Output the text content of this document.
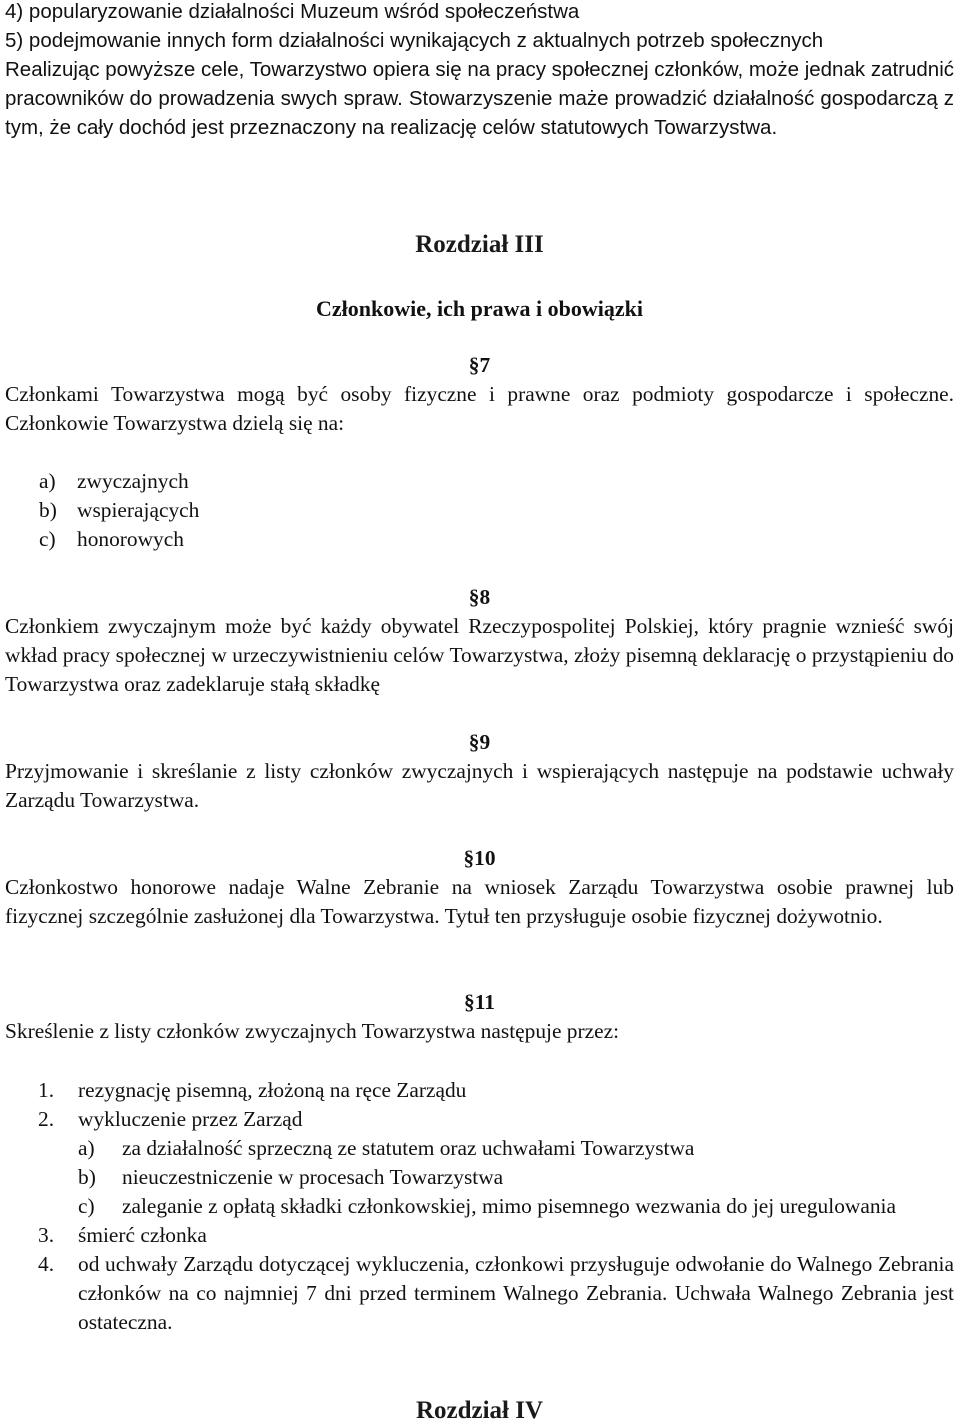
4) popularyzowanie działalności Muzeum wśród społeczeństwa

5) podejmowanie innych form działalności wynikających z aktualnych potrzeb społecznych

Realizując powyższe cele, Towarzystwo opiera się na pracy społecznej członków, może jednak zatrudnić pracowników do prowadzenia swych spraw. Stowarzyszenie maże prowadzić działalność gospodarczą z tym, że cały dochód jest przeznaczony na realizację celów statutowych Towarzystwa.

Rozdział III

Członkowie, ich prawa i obowiązki

§7

Członkami Towarzystwa mogą być osoby fizyczne i prawne oraz podmioty gospodarcze i społeczne. Członkowie Towarzystwa dzielą się na:

a) zwyczajnych
b) wspierających
c) honorowych

§8

Członkiem zwyczajnym może być każdy obywatel Rzeczypospolitej Polskiej, który pragnie wznieść swój wkład pracy społecznej w urzeczywistnieniu celów Towarzystwa, złoży pisemną deklarację o przystąpieniu do Towarzystwa oraz zadeklaruje stałą składkę

§9

Przyjmowanie i skreślanie z listy członków zwyczajnych i wspierających następuje na podstawie uchwały Zarządu Towarzystwa.

§10

Członkostwo honorowe nadaje Walne Zebranie na wniosek Zarządu Towarzystwa osobie prawnej lub fizycznej szczególnie zasłużonej dla Towarzystwa. Tytuł ten przysługuje osobie fizycznej dożywotnio.

§11

Skreślenie z listy członków zwyczajnych Towarzystwa następuje przez:

1.	rezygnację pisemną, złożoną na ręce Zarządu
2.	wykluczenie przez Zarząd
a)	za działalność sprzeczną ze statutem oraz uchwałami Towarzystwa
b)	nieuczestniczenie w procesach Towarzystwa
c)	zaleganie z opłatą składki członkowskiej, mimo pisemnego wezwania do jej uregulowania
3.	śmierć członka
4.	od uchwały Zarządu dotyczącej wykluczenia, członkowi przysługuje odwołanie do Walnego Zebrania członków na co najmniej 7 dni przed terminem Walnego Zebrania. Uchwała Walnego Zebrania jest ostateczna.

Rozdział IV
